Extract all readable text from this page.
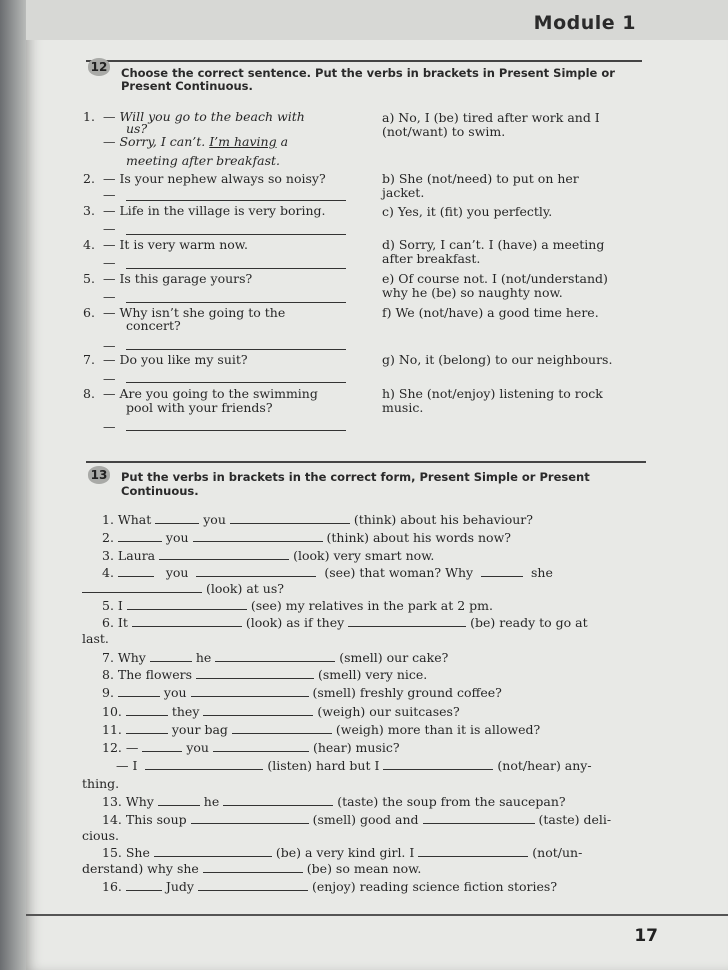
Module 1
12 Choose the correct sentence. Put the verbs in brackets in Present Simple or
Present Continuous.
1. — Will you go to the beach with
us?
— Sorry, I can’t. I’m having a
meeting after breakfast.
2. — Is your nephew always so noisy?
—
3. — Life in the village is very boring.
—
4. — It is very warm now.
—
5. — Is this garage yours?
—
6. — Why isn’t she going to the
concert?
—
7. — Do you like my suit?
—
8. — Are you going to the swimming
pool with your friends?
—
a) No, I (be) tired after work and I
(not/want) to swim.
b) She (not/need) to put on her
jacket.
c) Yes, it (fit) you perfectly.
d) Sorry, I can’t. I (have) a meeting
after breakfast.
e) Of course not. I (not/understand)
why he (be) so naughty now.
f) We (not/have) a good time here.
g) No, it (belong) to our neighbours.
h) She (not/enjoy) listening to rock
music.
13 Put the verbs in brackets in the correct form, Present Simple or Present
Continuous.
1. What	you	(think) about his behaviour?
2.	you	(think) about his words now?
3. Laura	(look) very smart now.
4.	you	(see) that woman? Why	she
(look) at us?
5. I	(see) my relatives in the park at 2 pm.
6. It	(look) as if they	(be) ready to go at
last.
7. Why	he	(smell) our cake?
8. The flowers	(smell) very nice.
9.	you	(smell) freshly ground coffee?
10.	they	(weigh) our suitcases?
11.	your bag	(weigh) more than it is allowed?
12. —	you	(hear) music?
— I	(listen) hard but I	(not/hear) any-
thing.
13. Why	he	(taste) the soup from the saucepan?
14. This soup	(smell) good and	(taste) deli-
cious.
15. She	(be) a very kind girl. I	(not/un-
derstand) why she	(be) so mean now.
16.	Judy	(enjoy) reading science fiction stories?
17
